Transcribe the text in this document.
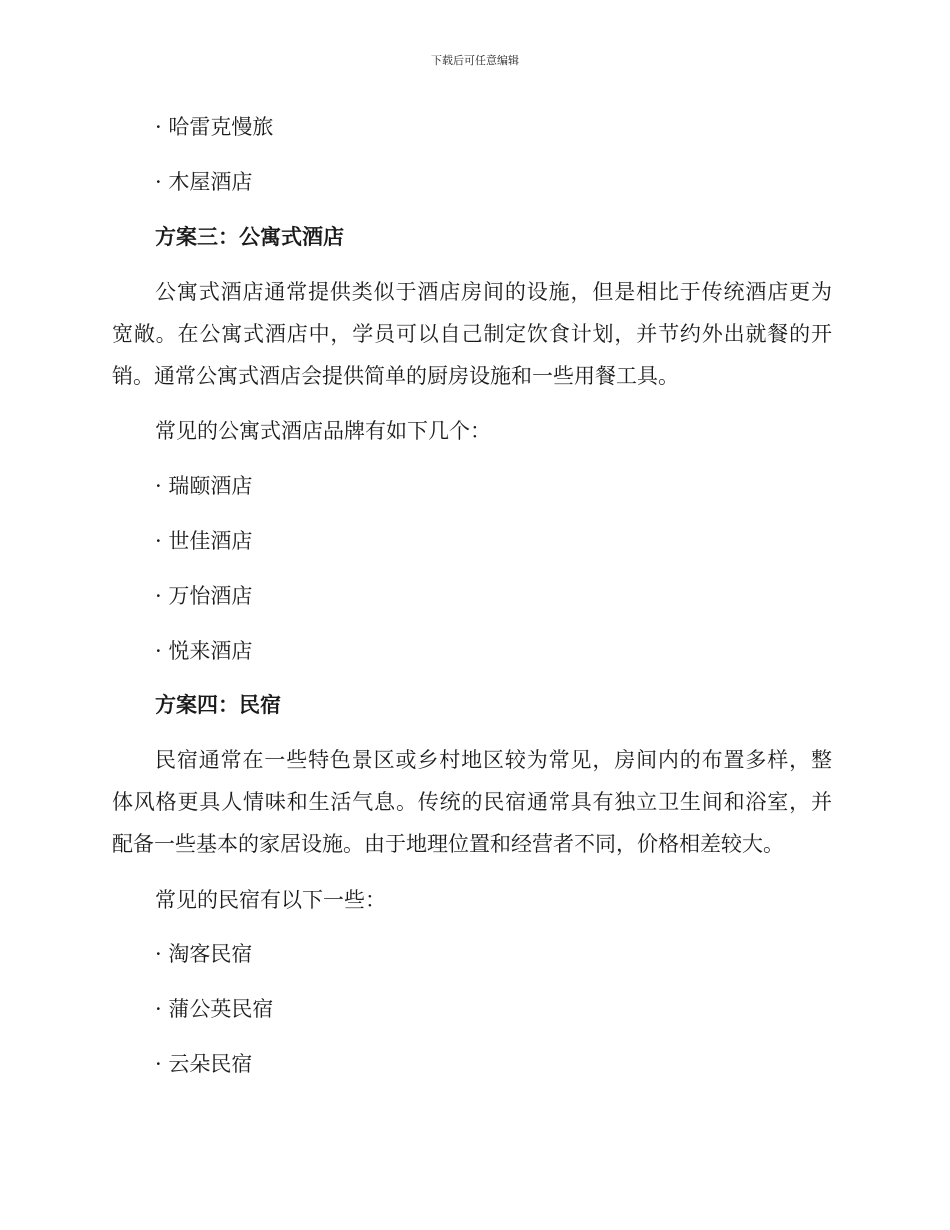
下载后可任意编辑
· 哈雷克慢旅
· 木屋酒店
方案三：公寓式酒店
公寓式酒店通常提供类似于酒店房间的设施，但是相比于传统酒店更为
宽敞。在公寓式酒店中，学员可以自己制定饮食计划，并节约外出就餐的开
销。通常公寓式酒店会提供简单的厨房设施和一些用餐工具。
常见的公寓式酒店品牌有如下几个：
· 瑞颐酒店
· 世佳酒店
· 万怡酒店
· 悦来酒店
方案四：民宿
民宿通常在一些特色景区或乡村地区较为常见，房间内的布置多样，整
体风格更具人情味和生活气息。传统的民宿通常具有独立卫生间和浴室，并
配备一些基本的家居设施。由于地理位置和经营者不同，价格相差较大。
常见的民宿有以下一些：
· 淘客民宿
· 蒲公英民宿
· 云朵民宿
